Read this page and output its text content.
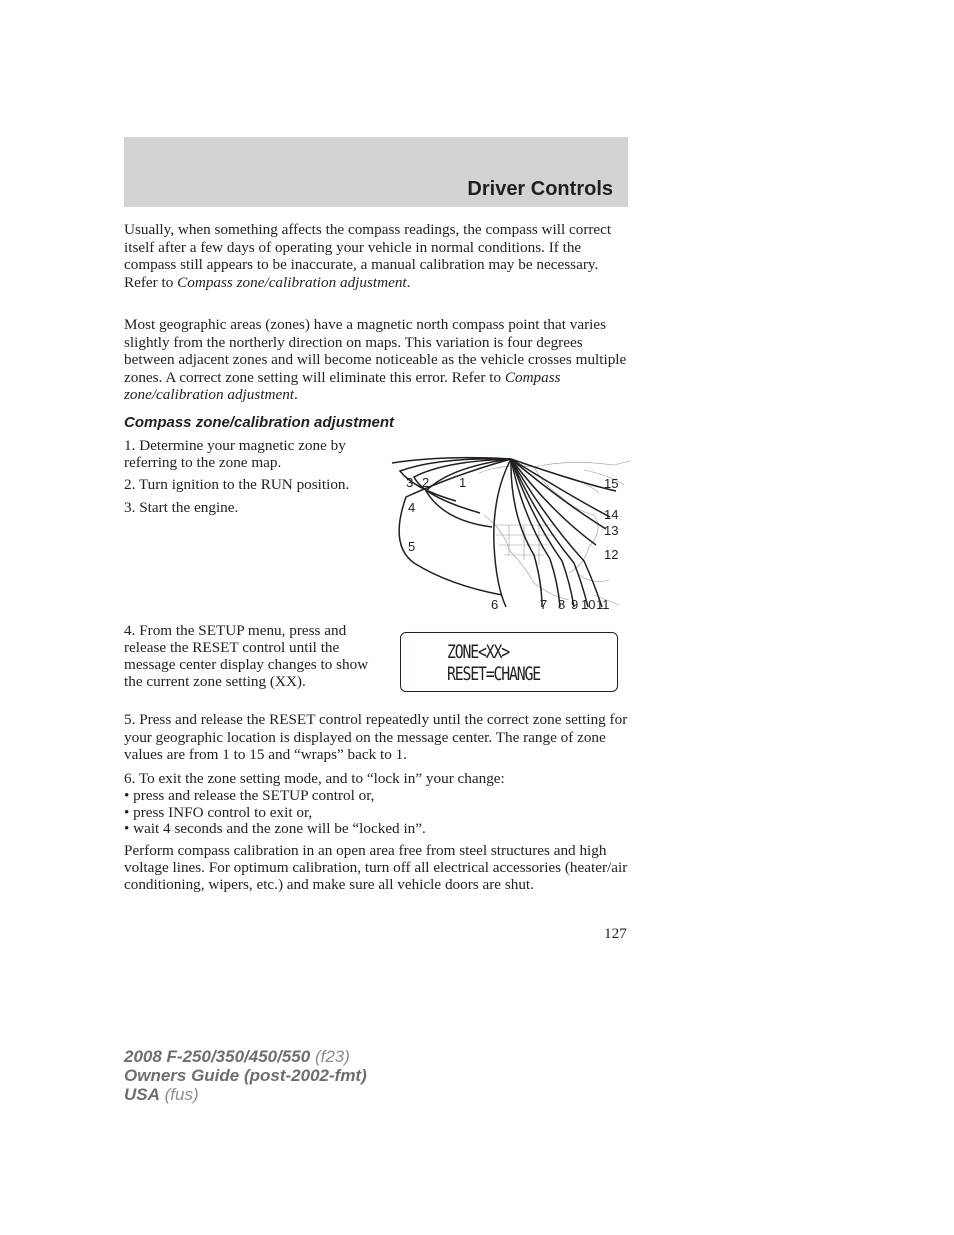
Driver Controls

Usually, when something affects the compass readings, the compass will correct itself after a few days of operating your vehicle in normal conditions. If the compass still appears to be inaccurate, a manual calibration may be necessary. Refer to Compass zone/calibration adjustment.

Most geographic areas (zones) have a magnetic north compass point that varies slightly from the northerly direction on maps. This variation is four degrees between adjacent zones and will become noticeable as the vehicle crosses multiple zones. A correct zone setting will eliminate this error. Refer to Compass zone/calibration adjustment.

Compass zone/calibration adjustment
1. Determine your magnetic zone by referring to the zone map.
2. Turn ignition to the RUN position.
3. Start the engine.
3 2 1
4
5
6	7 8 9 10 11
12
13
14
15
4. From the SETUP menu, press and release the RESET control until the message center display changes to show the current zone setting (XX).
ZONE<XX>
RESET=CHANGE
5. Press and release the RESET control repeatedly until the correct zone setting for your geographic location is displayed on the message center. The range of zone values are from 1 to 15 and “wraps” back to 1.
6. To exit the zone setting mode, and to “lock in” your change:
• press and release the SETUP control or,
• press INFO control to exit or,
• wait 4 seconds and the zone will be “locked in”.
Perform compass calibration in an open area free from steel structures and high voltage lines. For optimum calibration, turn off all electrical accessories (heater/air conditioning, wipers, etc.) and make sure all vehicle doors are shut.
127
2008 F-250/350/450/550 (f23)
Owners Guide (post-2002-fmt)
USA (fus)
